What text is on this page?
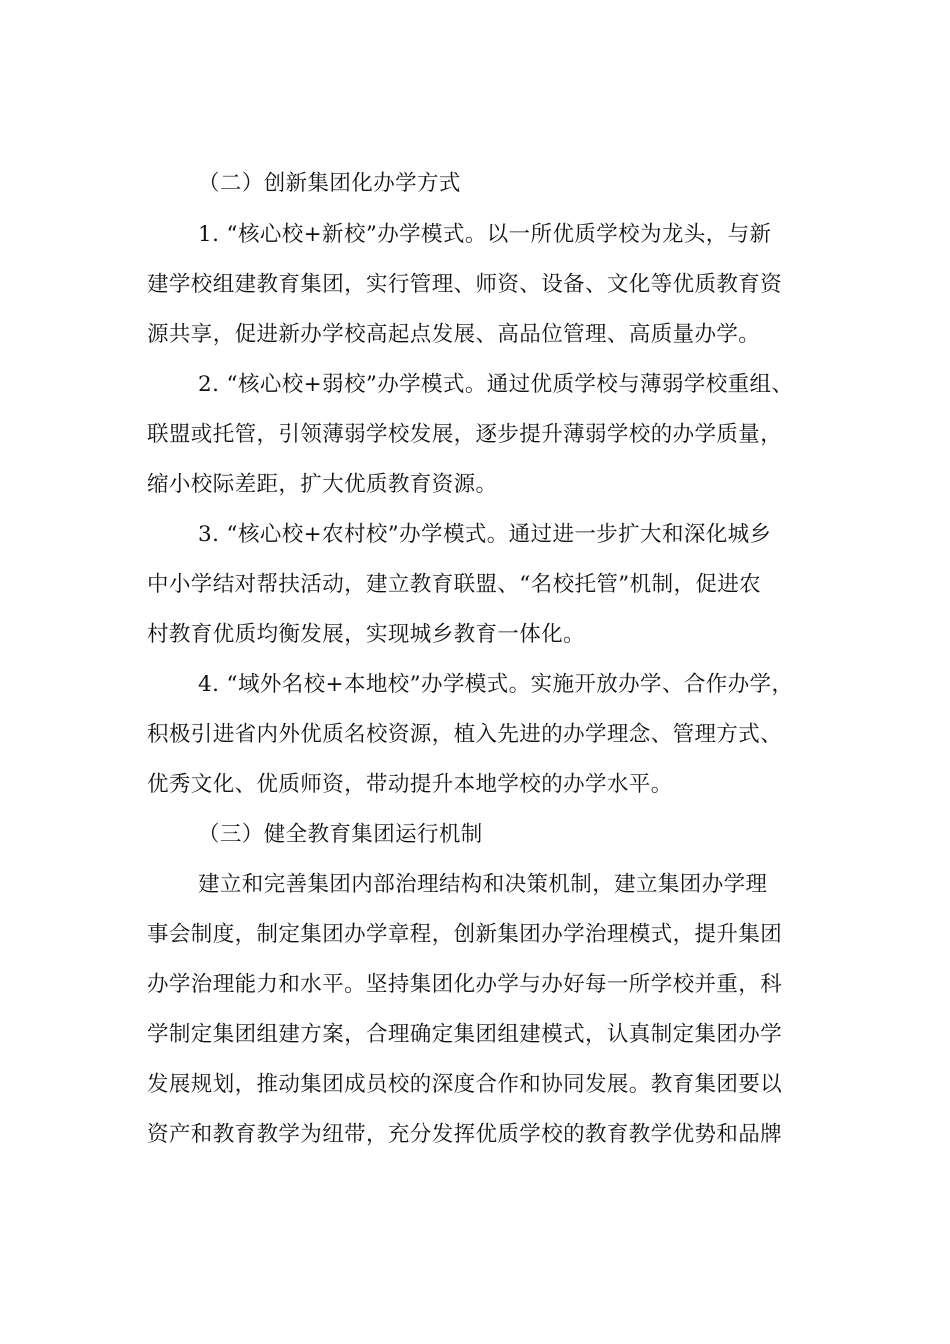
（二）创新集团化办学方式
1. “核心校+新校”办学模式。以一所优质学校为龙头，与新
建学校组建教育集团，实行管理、师资、设备、文化等优质教育资
源共享，促进新办学校高起点发展、高品位管理、高质量办学。
2. “核心校+弱校”办学模式。通过优质学校与薄弱学校重组、
联盟或托管，引领薄弱学校发展，逐步提升薄弱学校的办学质量，
缩小校际差距，扩大优质教育资源。
3. “核心校+农村校”办学模式。通过进一步扩大和深化城乡
中小学结对帮扶活动，建立教育联盟、“名校托管”机制，促进农
村教育优质均衡发展，实现城乡教育一体化。
4. “域外名校+本地校”办学模式。实施开放办学、合作办学，
积极引进省内外优质名校资源，植入先进的办学理念、管理方式、
优秀文化、优质师资，带动提升本地学校的办学水平。
（三）健全教育集团运行机制
建立和完善集团内部治理结构和决策机制，建立集团办学理
事会制度，制定集团办学章程，创新集团办学治理模式，提升集团
办学治理能力和水平。坚持集团化办学与办好每一所学校并重，科
学制定集团组建方案，合理确定集团组建模式，认真制定集团办学
发展规划，推动集团成员校的深度合作和协同发展。教育集团要以
资产和教育教学为纽带，充分发挥优质学校的教育教学优势和品牌
